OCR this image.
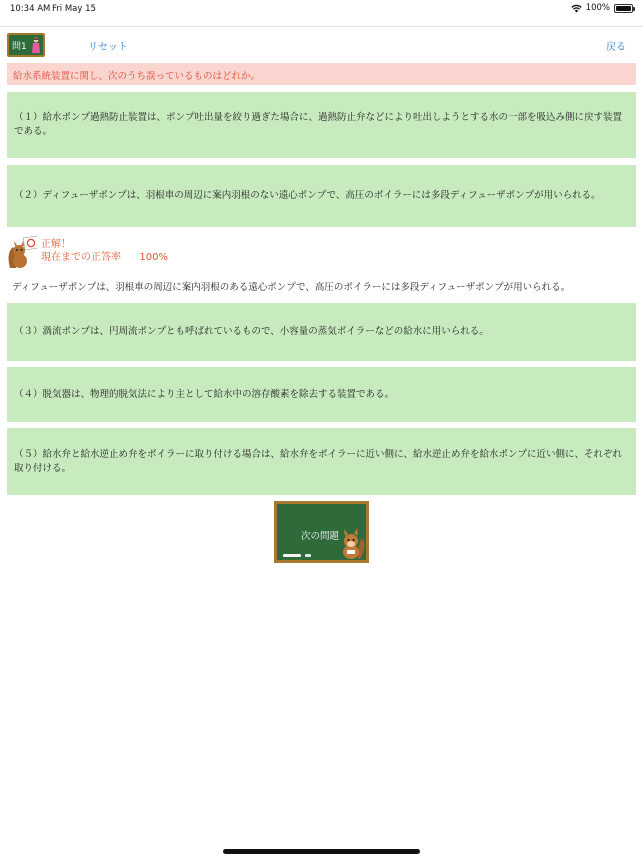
10:34 AM Fri May 15	100%
問1	リセット	戻る
給水系統装置に関し、次のうち誤っているものはどれか。
（１）給水ポンプ過熱防止装置は、ポンプ吐出量を絞り過ぎた場合に、過熱防止弁などにより吐出しようとする水の一部を吸込み側に戻す装置である。
（２）ディフューザポンプは、羽根車の周辺に案内羽根のない遠心ポンプで、高圧のボイラーには多段ディフューザポンプが用いられる。
正解！
現在までの正答率 100%
ディフューザポンプは、羽根車の周辺に案内羽根のある遠心ポンプで、高圧のボイラーには多段ディフューザポンプが用いられる。
（３）渦流ポンプは、円周流ポンプとも呼ばれているもので、小容量の蒸気ボイラーなどの給水に用いられる。
（４）脱気器は、物理的脱気法により主として給水中の溶存酸素を除去する装置である。
（５）給水弁と給水逆止め弁をボイラーに取り付ける場合は、給水弁をボイラーに近い側に、給水逆止め弁を給水ポンプに近い側に、それぞれ取り付ける。
次の問題
